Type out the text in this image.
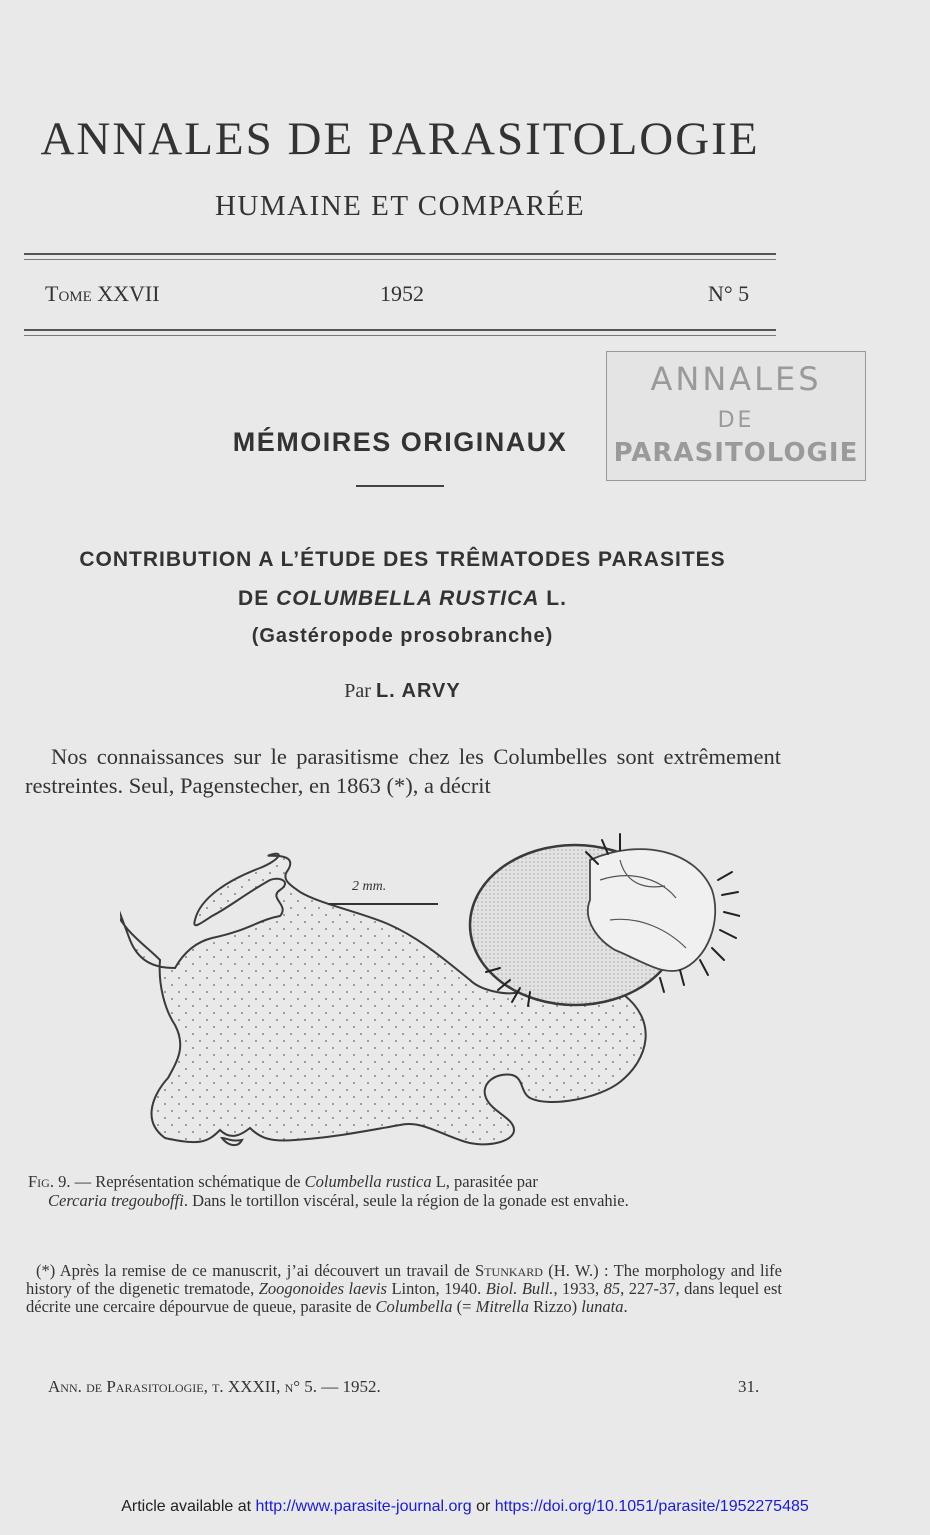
ANNALES DE PARASITOLOGIE
HUMAINE ET COMPARÉE
Tome XXVII	1952	N° 5
ANNALES
DE
PARASITOLOGIE
MÉMOIRES ORIGINAUX
CONTRIBUTION A L’ÉTUDE DES TRÊMATODES PARASITES
DE COLUMBELLA RUSTICA L.
(Gastéropode prosobranche)
Par L. ARVY
Nos connaissances sur le parasitisme chez les Columbelles sont extrêmement restreintes. Seul, Pagenstecher, en 1863 (*), a décrit
2 mm.
Fig. 9. — Représentation schématique de Columbella rustica L, parasitée par
Cercaria tregouboffi. Dans le tortillon viscéral, seule la région de la gonade est envahie.
(*) Après la remise de ce manuscrit, j’ai découvert un travail de Stunkard (H. W.) : The morphology and life history of the digenetic trematode, Zoogonoides laevis Linton, 1940. Biol. Bull., 1933, 85, 227-37, dans lequel est décrite une cercaire dépourvue de queue, parasite de Columbella (= Mitrella Rizzo) lunata.
Ann. de Parasitologie, t. XXXII, n° 5. — 1952.	31.
Article available at http://www.parasite-journal.org or https://doi.org/10.1051/parasite/1952275485
